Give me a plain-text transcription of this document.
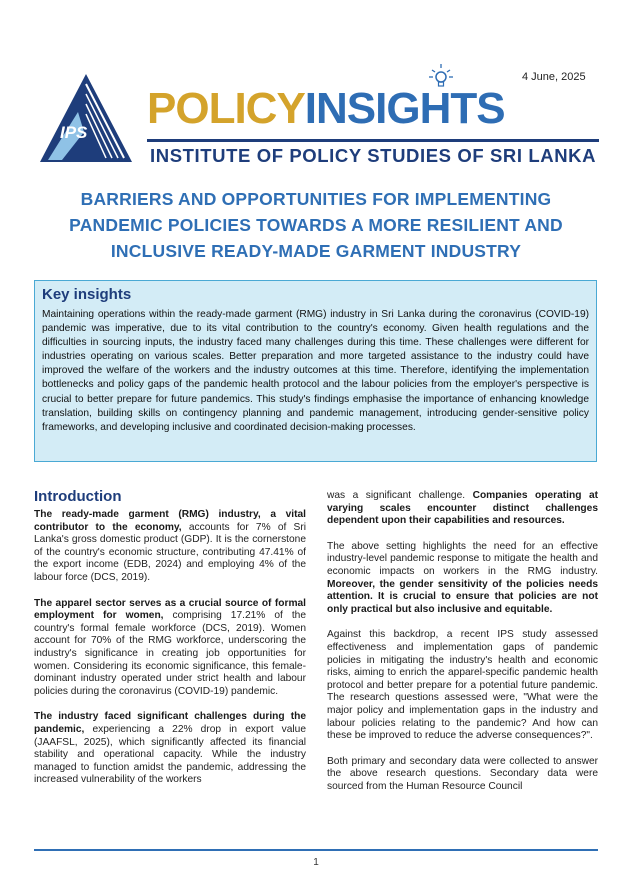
IPS
4 June, 2025
POLICYINSIGHTS
INSTITUTE OF POLICY STUDIES OF SRI LANKA
BARRIERS AND OPPORTUNITIES FOR IMPLEMENTING
PANDEMIC POLICIES TOWARDS A MORE RESILIENT AND
INCLUSIVE READY-MADE GARMENT INDUSTRY
Key insights

Maintaining operations within the ready-made garment (RMG) industry in Sri Lanka during the coronavirus (COVID-19) pandemic was imperative, due to its vital contribution to the country's economy. Given health regulations and the difficulties in sourcing inputs, the industry faced many challenges during this time. These challenges were different for industries operating on various scales. Better preparation and more targeted assistance to the industry could have improved the welfare of the workers and the industry outcomes at this time. Therefore, identifying the implementation bottlenecks and policy gaps of the pandemic health protocol and the labour policies from the employer's perspective is crucial to better prepare for future pandemics. This study's findings emphasise the importance of enhancing knowledge translation, building skills on contingency planning and pandemic management, introducing gender-sensitive policy frameworks, and developing inclusive and coordinated decision-making processes.

Introduction

The ready-made garment (RMG) industry, a vital contributor to the economy, accounts for 7% of Sri Lanka's gross domestic product (GDP). It is the cornerstone of the country's economic structure, contributing 47.41% of the export income (EDB, 2024) and employing 4% of the labour force (DCS, 2019).

The apparel sector serves as a crucial source of formal employment for women, comprising 17.21% of the country's formal female workforce (DCS, 2019). Women account for 70% of the RMG workforce, underscoring the industry's significance in creating job opportunities for women. Considering its economic significance, this female-dominant industry operated under strict health and labour policies during the coronavirus (COVID-19) pandemic.

The industry faced significant challenges during the pandemic, experiencing a 22% drop in export value (JAAFSL, 2025), which significantly affected its financial stability and operational capacity. While the industry managed to function amidst the pandemic, addressing the increased vulnerability of the workers

was a significant challenge. Companies operating at varying scales encounter distinct challenges dependent upon their capabilities and resources.

The above setting highlights the need for an effective industry-level pandemic response to mitigate the health and economic impacts on workers in the RMG industry. Moreover, the gender sensitivity of the policies needs attention. It is crucial to ensure that policies are not only practical but also inclusive and equitable.

Against this backdrop, a recent IPS study assessed effectiveness and implementation gaps of pandemic policies in mitigating the industry's health and economic risks, aiming to enrich the apparel-specific pandemic health protocol and better prepare for a potential future pandemic. The research questions assessed were, "What were the major policy and implementation gaps in the industry and labour policies relating to the pandemic? And how can these be improved to reduce the adverse consequences?".

Both primary and secondary data were collected to answer the above research questions. Secondary data were sourced from the Human Resource Council

1
